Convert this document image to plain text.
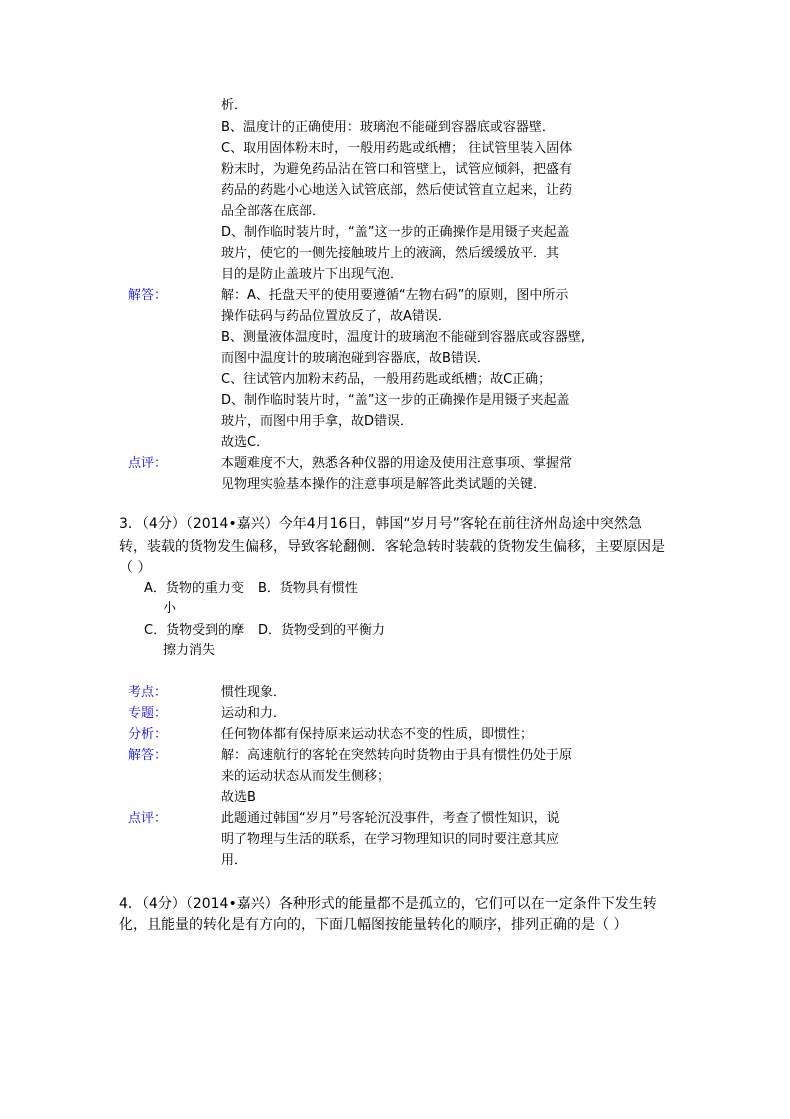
析．
B、温度计的正确使用：玻璃泡不能碰到容器底或容器壁．
C、取用固体粉末时，一般用药匙或纸槽； 往试管里装入固体
粉末时，为避免药品沾在管口和管壁上，试管应倾斜，把盛有
药品的药匙小心地送入试管底部，然后使试管直立起来，让药
品全部落在底部．
D、制作临时装片时，“盖”这一步的正确操作是用镊子夹起盖
玻片，使它的一侧先接触玻片上的液滴，然后缓缓放平．其
目的是防止盖玻片下出现气泡．
解答：	解：A、托盘天平的使用要遵循“左物右码”的原则，图中所示
操作砝码与药品位置放反了，故A错误．
B、测量液体温度时，温度计的玻璃泡不能碰到容器底或容器壁,
而图中温度计的玻璃泡碰到容器底，故B错误．
C、往试管内加粉末药品，一般用药匙或纸槽；故C正确；
D、制作临时装片时，“盖”这一步的正确操作是用镊子夹起盖
玻片，而图中用手拿，故D错误．
故选C．
点评：	本题难度不大，熟悉各种仪器的用途及使用注意事项、掌握常
见物理实验基本操作的注意事项是解答此类试题的关键．
3．（4分）（2014•嘉兴）今年4月16日，韩国“岁月号”客轮在前往济州岛途中突然急
转，装载的货物发生偏移，导致客轮翻侧．客轮急转时装载的货物发生偏移，主要原因是
（ ）
A．货物的重力变
小
B．货物具有惯性
C．货物受到的摩
擦力消失
D．货物受到的平衡力
考点：	惯性现象．
专题：	运动和力．
分析：	任何物体都有保持原来运动状态不变的性质，即惯性；
解答：	解：高速航行的客轮在突然转向时货物由于具有惯性仍处于原
来的运动状态从而发生侧移；
故选B
点评：	此题通过韩国“岁月”号客轮沉没事件，考查了惯性知识，说
明了物理与生活的联系，在学习物理知识的同时要注意其应
用．
4．（4分）（2014•嘉兴）各种形式的能量都不是孤立的，它们可以在一定条件下发生转
化，且能量的转化是有方向的，下面几幅图按能量转化的顺序，排列正确的是（ ）
